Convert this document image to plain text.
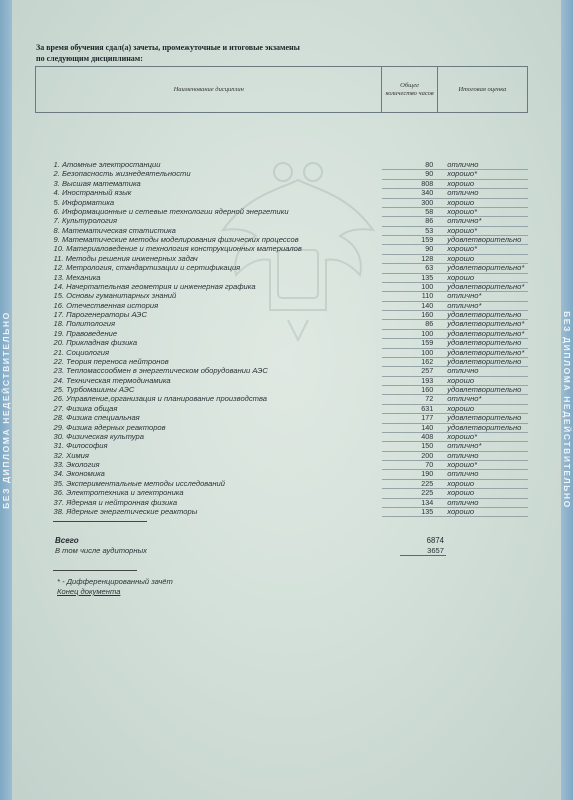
БЕЗ ДИПЛОМА НЕДЕЙСТВИТЕЛЬНО	БЕЗ ДИПЛОМА НЕДЕЙСТВИТЕЛЬНО
За время обучения сдал(а) зачеты, промежуточные и итоговые экзамены
по следующим дисциплинам:
Наименование дисциплин	Общее количество часов	Итоговая оценка

1. Атомные электростанции	80	отлично
2. Безопасность жизнедеятельности	90	хорошо*
3. Высшая математика	808	хорошо
4. Иностранный язык	340	отлично
5. Информатика	300	хорошо
6. Информационные и сетевые технологии ядерной энергетики	58	хорошо*
7. Культурология	86	отлично*
8. Математическая статистика	53	хорошо*
9. Математические методы моделирования физических процессов	159	удовлетворительно
10. Материаловедение и технология конструкционных материалов	90	хорошо*
11. Методы решения инженерных задач	128	хорошо
12. Метрология, стандартизации и сертификация	63	удовлетворительно*
13. Механика	135	хорошо
14. Начертательная геометрия и инженерная графика	100	удовлетворительно*
15. Основы гуманитарных знаний	110	отлично*
16. Отечественная история	140	отлично*
17. Парогенераторы АЭС	160	удовлетворительно
18. Политология	86	удовлетворительно*
19. Правоведение	100	удовлетворительно*
20. Прикладная физика	159	удовлетворительно
21. Социология	100	удовлетворительно*
22. Теория переноса нейтронов	162	удовлетворительно
23. Тепломассообмен в энергетическом оборудовании АЭС	257	отлично
24. Техническая термодинамика	193	хорошо
25. Турбомашины АЭС	160	удовлетворительно
26. Управление,организация и планирование производства	72	отлично*
27. Физика общая	631	хорошо
28. Физика специальная	177	удовлетворительно
29. Физика ядерных реакторов	140	удовлетворительно
30. Физическая культура	408	хорошо*
31. Философия	150	отлично*
32. Химия	200	отлично
33. Экология	70	хорошо*
34. Экономика	190	отлично
35. Экспериментальные методы исследований	225	хорошо
36. Электротехника и электроника	225	хорошо
37. Ядерная и нейтронная физика	134	отлично
38. Ядерные энергетические реакторы	135	хорошо
Всего	6874
В том числе аудиторных	3657
* - Дифференцированный зачёт
Конец документа
